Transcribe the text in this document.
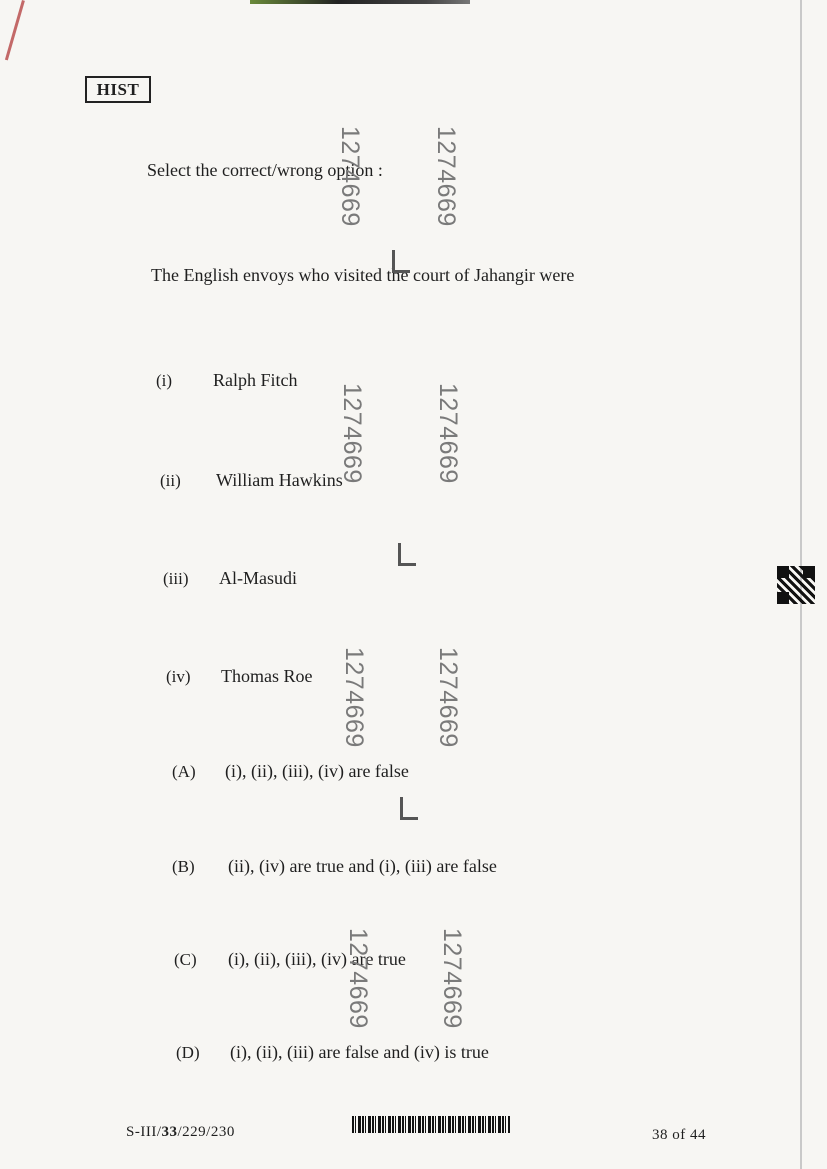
HIST
Select the correct/wrong option :
The English envoys who visited the court of Jahangir were
(i) Ralph Fitch
(ii) William Hawkins
(iii) Al-Masudi
(iv) Thomas Roe
(A) (i), (ii), (iii), (iv) are false
(B) (ii), (iv) are true and (i), (iii) are false
(C) (i), (ii), (iii), (iv) are true
(D) (i), (ii), (iii) are false and (iv) is true
1274669	1274669
1274669	1274669
1274669	1274669
1274669	1274669
S-III/33/229/230	38 of 44
